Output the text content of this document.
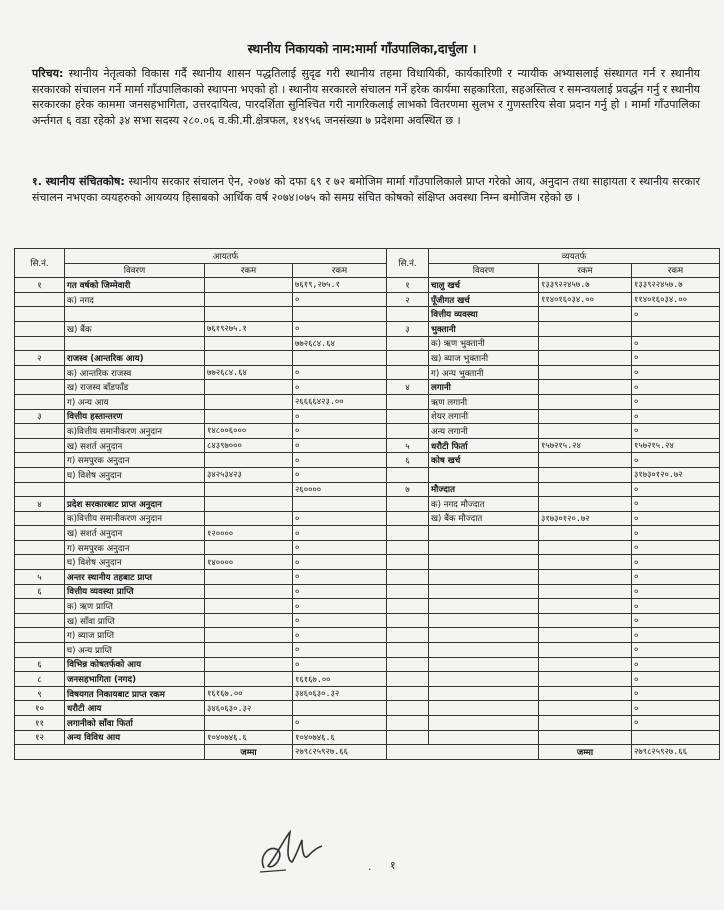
स्थानीय निकायको नाम:मार्मा गाँउपालिका,दार्चुला ।
परिचय: स्थानीय नेतृत्वको विकास गर्दै स्थानीय शासन पद्धतिलाई सुदृढ गरी स्थानीय तहमा विधायिकी, कार्यकारिणी र न्यायीक अभ्यासलाई संस्थागत गर्न र स्थानीय सरकारको संचालन गर्ने मार्मा गाँउपालिकाको स्थापना भएको हो । स्थानीय सरकारले संचालन गर्ने हरेक कार्यमा सहकारिता, सहअस्तित्व र समन्वयलाई प्रवर्द्धन गर्नु र स्थानीय सरकारका हरेक काममा जनसहभागिता, उत्तरदायित्व, पारदर्शिता सुनिश्चित गरी नागरिकलाई लाभको वितरणमा सुलभ र गुणस्तरिय सेवा प्रदान गर्नु हो । मार्मा गाँउपालिका अर्न्तगत ६ वडा रहेको ३४ सभा सदस्य २८०.०६ व.की.मी.क्षेत्रफल, १४९५६ जनसंख्या ७ प्रदेशमा अवस्थित छ ।
१. स्थानीय संचितकोष: स्थानीय सरकार संचालन ऐन, २०७४ को दफा ६९ र ७२ बमोजिम मार्मा गाँउपालिकाले प्राप्त गरेको आय, अनुदान तथा साहायता र स्थानीय सरकार संचालन नभएका व्ययहरुको आयव्यय हिसाबको आर्थिक वर्ष २०७४।०७५ को समग्र संचित कोषको संक्षिप्त अवस्था निम्न बमोजिम रहेको छ ।
सि.नं.	आयतर्फ			सि.नं.	व्ययतर्फ		
	विवरण	रकम	रकम		विवरण	रकम	रकम
१	गत वर्षको जिम्मेवारी		७६१९,२७५.१	१	चालु खर्च	१३३९२२४५७.७	१३३९२२४५७.७
	क) नगद		०	२	पूँजीगत खर्च	११४०१६०३४.००	११४०१६०३४.००
					वित्तीय व्यवस्था		०
	ख) बैंक	७६१९२७५.१	०	३	भुक्तानी		
			७७२६८४.६४		क) ऋण भुक्तानी		०
२	राजस्व (आन्तरिक आय)				ख) ब्याज भुक्तानी		०
	क) आन्तरिक राजस्व	७७२६८४.६४	०		ग) अन्य भुक्तानी		०
	ख) राजस्व बाँडफाँड		०	४	लगानी		०
	ग) अन्य आय		२६६६६४२३.००		ऋण लगानी		०
३	वित्तीय हस्तान्तरण		०		शेयर लगानी		०
	क)वित्तीय समानीकरण अनुदान	१४८००६०००	०		अन्य लगानी		०
	ख) सशर्त अनुदान	८४३९७०००	०	५	धरौटी फिर्ता	१५७२१५.२४	१५७२१५.२४
	ग) समपुरक अनुदान		०	६	कोष खर्च		०
	घ) विशेष अनुदान	३४२५३४२३	०				३१७३०१२०.७२
			२६००००	७	मौज्दात		०
४	प्रदेश सरकारबाट प्राप्त अनुदान				क) नगद मौज्दात		०
	क)वित्तीय समानीकरण अनुदान		०		ख) बैंक मौज्दात	३१७३०१२०.७२	०
	ख) सशर्त अनुदान	१२००००	०				०
	ग) समपुरक अनुदान		०				०
	घ) विशेष अनुदान	१४००००	०				०
५	अन्तर स्थानीय तहबाट प्राप्त		०				०
६	वित्तीय व्यवस्था प्राप्ति		०				०
	क) ऋण प्राप्ति		०				०
	ख) साँवा प्राप्ति		०				०
	ग) ब्याज प्राप्ति		०				०
	घ) अन्य प्राप्ति		०				०
६	विभिन्न कोषतर्फको आय		०				०
८	जनसहभागिता (नगद)		१६१६७.००				०
९	विषयगत निकायबाट प्राप्त रकम	१६१६७.००	३४६०६३०.३२				०
१०	धरौटी आय	३४६०६३०.३२					०
११	लगानीको साँवा फिर्ता		०				०
१२	अन्य विविध आय	१०४०७४६.६	१०४०७४६.६				
		जम्मा	२७९८२५९२७.६६			जम्मा	२७९८२५९२७.६६
. १
